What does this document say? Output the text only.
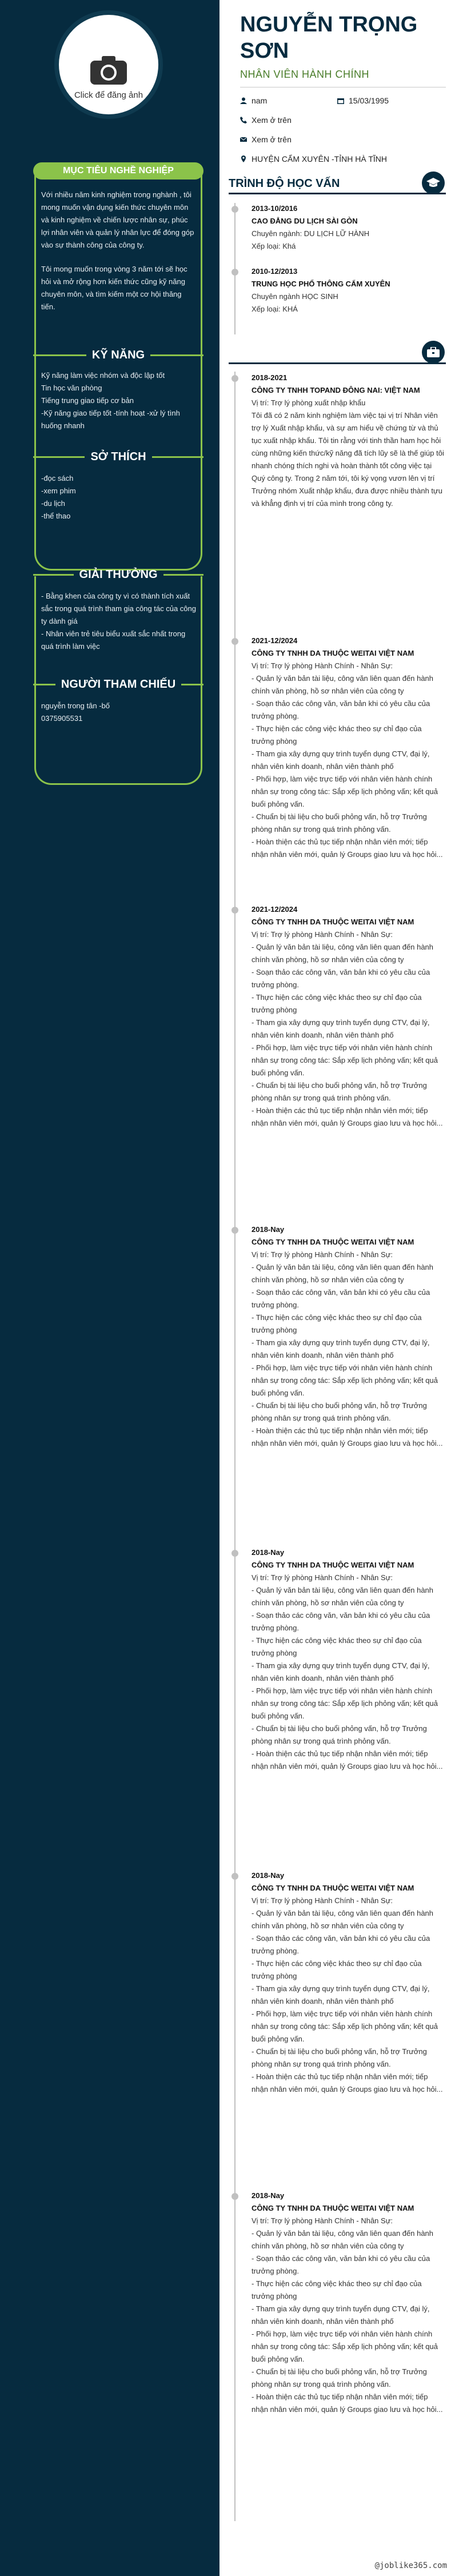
Click để đăng ảnh
MỤC TIÊU NGHỀ NGHIỆP
Với nhiều năm kinh nghiệm trong nghành , tôi mong muốn vận dụng kiến thức chuyên môn và kinh nghiệm về chiến lược nhân sự, phúc lợi nhân viên và quản lý nhân lực để đóng góp vào sự thành công của công ty.
Tôi mong muốn trong vòng 3 năm tới sẽ học hỏi và mở rộng hơn kiến thức cũng kỹ năng chuyên môn, và tìm kiếm một cơ hội thăng tiến.
KỸ NĂNG
Kỹ năng làm việc nhóm và độc lập tốt
Tin học văn phòng
Tiếng trung giao tiếp cơ bản
-Kỹ năng giao tiếp tốt -tính hoạt -xử lý tình huống nhanh
SỞ THÍCH
-đọc sách
-xem phim
-du lịch
-thể thao
GIẢI THƯỞNG
- Bằng khen của công ty vì có thành tích xuất sắc trong quá trình tham gia công tác của công ty dành giá
- Nhân viên trẻ tiêu biểu xuất sắc nhất trong quá trình làm việc
NGƯỜI THAM CHIẾU
nguyễn trong tân -bố
0375905531
NGUYỄN TRỌNG
SƠN
NHÂN VIÊN HÀNH CHÍNH
nam	15/03/1995
Xem ở trên
Xem ở trên
HUYỆN CẨM XUYÊN -TỈNH HÀ TĨNH
TRÌNH ĐỘ HỌC VẤN
2013-10/2016
CAO ĐẲNG DU LỊCH SÀI GÒN
Chuyên ngành: DU LỊCH LỮ HÀNH
Xếp loại: Khá
2010-12/2013
TRUNG HỌC PHỔ THÔNG CẨM XUYÊN
Chuyên ngành HỌC SINH
Xếp loại: KHÁ
2018-2021
CÔNG TY TNHH TOPAND ĐÔNG NAI: VIỆT NAM
Vị trí: Trợ lý phòng xuất nhập khẩu

Tôi đã có 2 năm kinh nghiệm làm việc tại vị trí Nhân viên trợ lý Xuất nhập khẩu, và sự am hiểu về chứng từ và thủ tục xuất nhập khẩu. Tôi tin rằng với tinh thần ham học hỏi cùng những kiến thức/kỹ năng đã tích lũy sẽ là thế giúp tôi nhanh chóng thích nghi và hoàn thành tốt công việc tại Quý công ty. Trong 2 năm tới, tôi ký vọng vươn lên vị trí Trưởng nhóm Xuất nhập khẩu, đưa được nhiều thành tựu và khẳng định vị trí của mình trong công ty.

2021-12/2024
CÔNG TY TNHH DA THUỘC WEITAI VIỆT NAM
Vị trí: Trợ lý phòng Hành Chính - Nhân Sự:

- Quản lý văn bản tài liệu, công văn liên quan đến hành chính văn phòng, hồ sơ nhân viên của công ty

- Soạn thảo các công văn, văn bản khi có yêu cầu của trưởng phòng.

- Thực hiện các công việc khác theo sự chỉ đạo của trưởng phòng

- Tham gia xây dựng quy trình tuyển dụng CTV, đại lý, nhân viên kinh doanh, nhân viên thành phố

- Phối hợp, làm việc trực tiếp với nhân viên hành chính nhân sự trong công tác: Sắp xếp lịch phỏng vấn; kết quả buổi phỏng vấn.

- Chuẩn bị tài liệu cho buổi phỏng vấn, hỗ trợ Trưởng phòng nhân sự trong quá trình phỏng vấn.

- Hoàn thiện các thủ tục tiếp nhận nhân viên mới; tiếp nhận nhân viên mới, quản lý Groups giao lưu và học hỏi...

2021-12/2024
CÔNG TY TNHH DA THUỘC WEITAI VIỆT NAM
Vị trí: Trợ lý phòng Hành Chính - Nhân Sự:

- Quản lý văn bản tài liệu, công văn liên quan đến hành chính văn phòng, hồ sơ nhân viên của công ty

- Soạn thảo các công văn, văn bản khi có yêu cầu của trưởng phòng.

- Thực hiện các công việc khác theo sự chỉ đạo của trưởng phòng

- Tham gia xây dựng quy trình tuyển dụng CTV, đại lý, nhân viên kinh doanh, nhân viên thành phố

- Phối hợp, làm việc trực tiếp với nhân viên hành chính nhân sự trong công tác: Sắp xếp lịch phỏng vấn; kết quả buổi phỏng vấn.

- Chuẩn bị tài liệu cho buổi phỏng vấn, hỗ trợ Trưởng phòng nhân sự trong quá trình phỏng vấn.

- Hoàn thiện các thủ tục tiếp nhận nhân viên mới; tiếp nhận nhân viên mới, quản lý Groups giao lưu và học hỏi...

2018-Nay
CÔNG TY TNHH DA THUỘC WEITAI VIỆT NAM
Vị trí: Trợ lý phòng Hành Chính - Nhân Sự:

- Quản lý văn bản tài liệu, công văn liên quan đến hành chính văn phòng, hồ sơ nhân viên của công ty

- Soạn thảo các công văn, văn bản khi có yêu cầu của trưởng phòng.

- Thực hiện các công việc khác theo sự chỉ đạo của trưởng phòng

- Tham gia xây dựng quy trình tuyển dụng CTV, đại lý, nhân viên kinh doanh, nhân viên thành phố

- Phối hợp, làm việc trực tiếp với nhân viên hành chính nhân sự trong công tác: Sắp xếp lịch phỏng vấn; kết quả buổi phỏng vấn.

- Chuẩn bị tài liệu cho buổi phỏng vấn, hỗ trợ Trưởng phòng nhân sự trong quá trình phỏng vấn.

- Hoàn thiện các thủ tục tiếp nhận nhân viên mới; tiếp nhận nhân viên mới, quản lý Groups giao lưu và học hỏi...

2018-Nay
CÔNG TY TNHH DA THUỘC WEITAI VIỆT NAM
Vị trí: Trợ lý phòng Hành Chính - Nhân Sự:

- Quản lý văn bản tài liệu, công văn liên quan đến hành chính văn phòng, hồ sơ nhân viên của công ty

- Soạn thảo các công văn, văn bản khi có yêu cầu của trưởng phòng.

- Thực hiện các công việc khác theo sự chỉ đạo của trưởng phòng

- Tham gia xây dựng quy trình tuyển dụng CTV, đại lý, nhân viên kinh doanh, nhân viên thành phố

- Phối hợp, làm việc trực tiếp với nhân viên hành chính nhân sự trong công tác: Sắp xếp lịch phỏng vấn; kết quả buổi phỏng vấn.

- Chuẩn bị tài liệu cho buổi phỏng vấn, hỗ trợ Trưởng phòng nhân sự trong quá trình phỏng vấn.

- Hoàn thiện các thủ tục tiếp nhận nhân viên mới; tiếp nhận nhân viên mới, quản lý Groups giao lưu và học hỏi...

2018-Nay
CÔNG TY TNHH DA THUỘC WEITAI VIỆT NAM
Vị trí: Trợ lý phòng Hành Chính - Nhân Sự:

- Quản lý văn bản tài liệu, công văn liên quan đến hành chính văn phòng, hồ sơ nhân viên của công ty

- Soạn thảo các công văn, văn bản khi có yêu cầu của trưởng phòng.

- Thực hiện các công việc khác theo sự chỉ đạo của trưởng phòng

- Tham gia xây dựng quy trình tuyển dụng CTV, đại lý, nhân viên kinh doanh, nhân viên thành phố

- Phối hợp, làm việc trực tiếp với nhân viên hành chính nhân sự trong công tác: Sắp xếp lịch phỏng vấn; kết quả buổi phỏng vấn.

- Chuẩn bị tài liệu cho buổi phỏng vấn, hỗ trợ Trưởng phòng nhân sự trong quá trình phỏng vấn.

- Hoàn thiện các thủ tục tiếp nhận nhân viên mới; tiếp nhận nhân viên mới, quản lý Groups giao lưu và học hỏi...

2018-Nay
CÔNG TY TNHH DA THUỘC WEITAI VIỆT NAM
Vị trí: Trợ lý phòng Hành Chính - Nhân Sự:

- Quản lý văn bản tài liệu, công văn liên quan đến hành chính văn phòng, hồ sơ nhân viên của công ty

- Soạn thảo các công văn, văn bản khi có yêu cầu của trưởng phòng.

- Thực hiện các công việc khác theo sự chỉ đạo của trưởng phòng

- Tham gia xây dựng quy trình tuyển dụng CTV, đại lý, nhân viên kinh doanh, nhân viên thành phố

- Phối hợp, làm việc trực tiếp với nhân viên hành chính nhân sự trong công tác: Sắp xếp lịch phỏng vấn; kết quả buổi phỏng vấn.

- Chuẩn bị tài liệu cho buổi phỏng vấn, hỗ trợ Trưởng phòng nhân sự trong quá trình phỏng vấn.

- Hoàn thiện các thủ tục tiếp nhận nhân viên mới; tiếp nhận nhân viên mới, quản lý Groups giao lưu và học hỏi...

@joblike365.com
